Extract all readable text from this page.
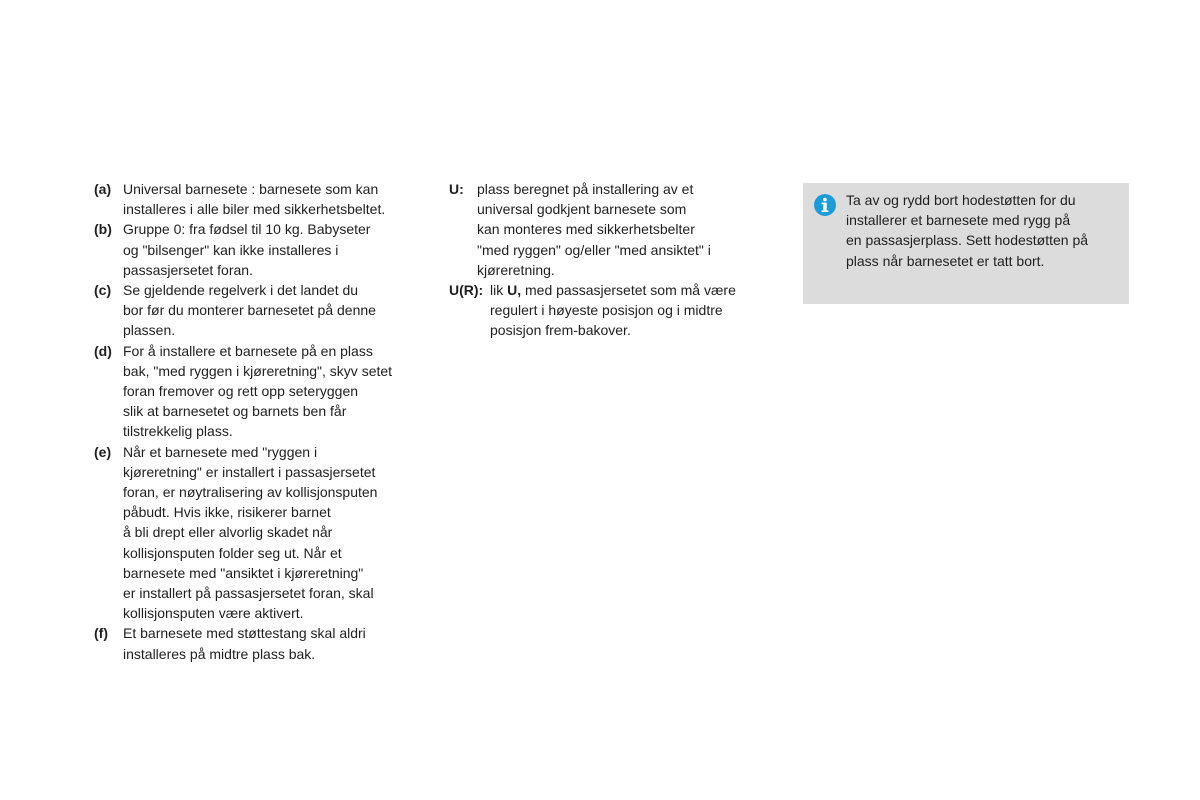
(a) Universal barnesete : barnesete som kan
installeres i alle biler med sikkerhetsbeltet.
(b) Gruppe 0: fra fødsel til 10 kg. Babyseter
og "bilsenger" kan ikke installeres i
passasjersetet foran.
(c) Se gjeldende regelverk i det landet du
bor før du monterer barnesetet på denne
plassen.
(d) For å installere et barnesete på en plass
bak, "med ryggen i kjøreretning", skyv setet
foran fremover og rett opp seteryggen
slik at barnesetet og barnets ben får
tilstrekkelig plass.
(e) Når et barnesete med "ryggen i
kjøreretning" er installert i passasjersetet
foran, er nøytralisering av kollisjonsputen
påbudt. Hvis ikke, risikerer barnet
å bli drept eller alvorlig skadet når
kollisjonsputen folder seg ut. Når et
barnesete med "ansiktet i kjøreretning"
er installert på passasjersetet foran, skal
kollisjonsputen være aktivert.
(f)	Et barnesete med støttestang skal aldri
installeres på midtre plass bak.
U: plass beregnet på installering av et
universal godkjent barnesete som
kan monteres med sikkerhetsbelter
"med ryggen" og/eller "med ansiktet" i
kjøreretning.
U(R): lik U, med passasjersetet som må være
regulert i høyeste posisjon og i midtre
posisjon frem-bakover.
Ta av og rydd bort hodestøtten for du
installerer et barnesete med rygg på
en passasjerplass. Sett hodestøtten på
plass når barnesetet er tatt bort.
